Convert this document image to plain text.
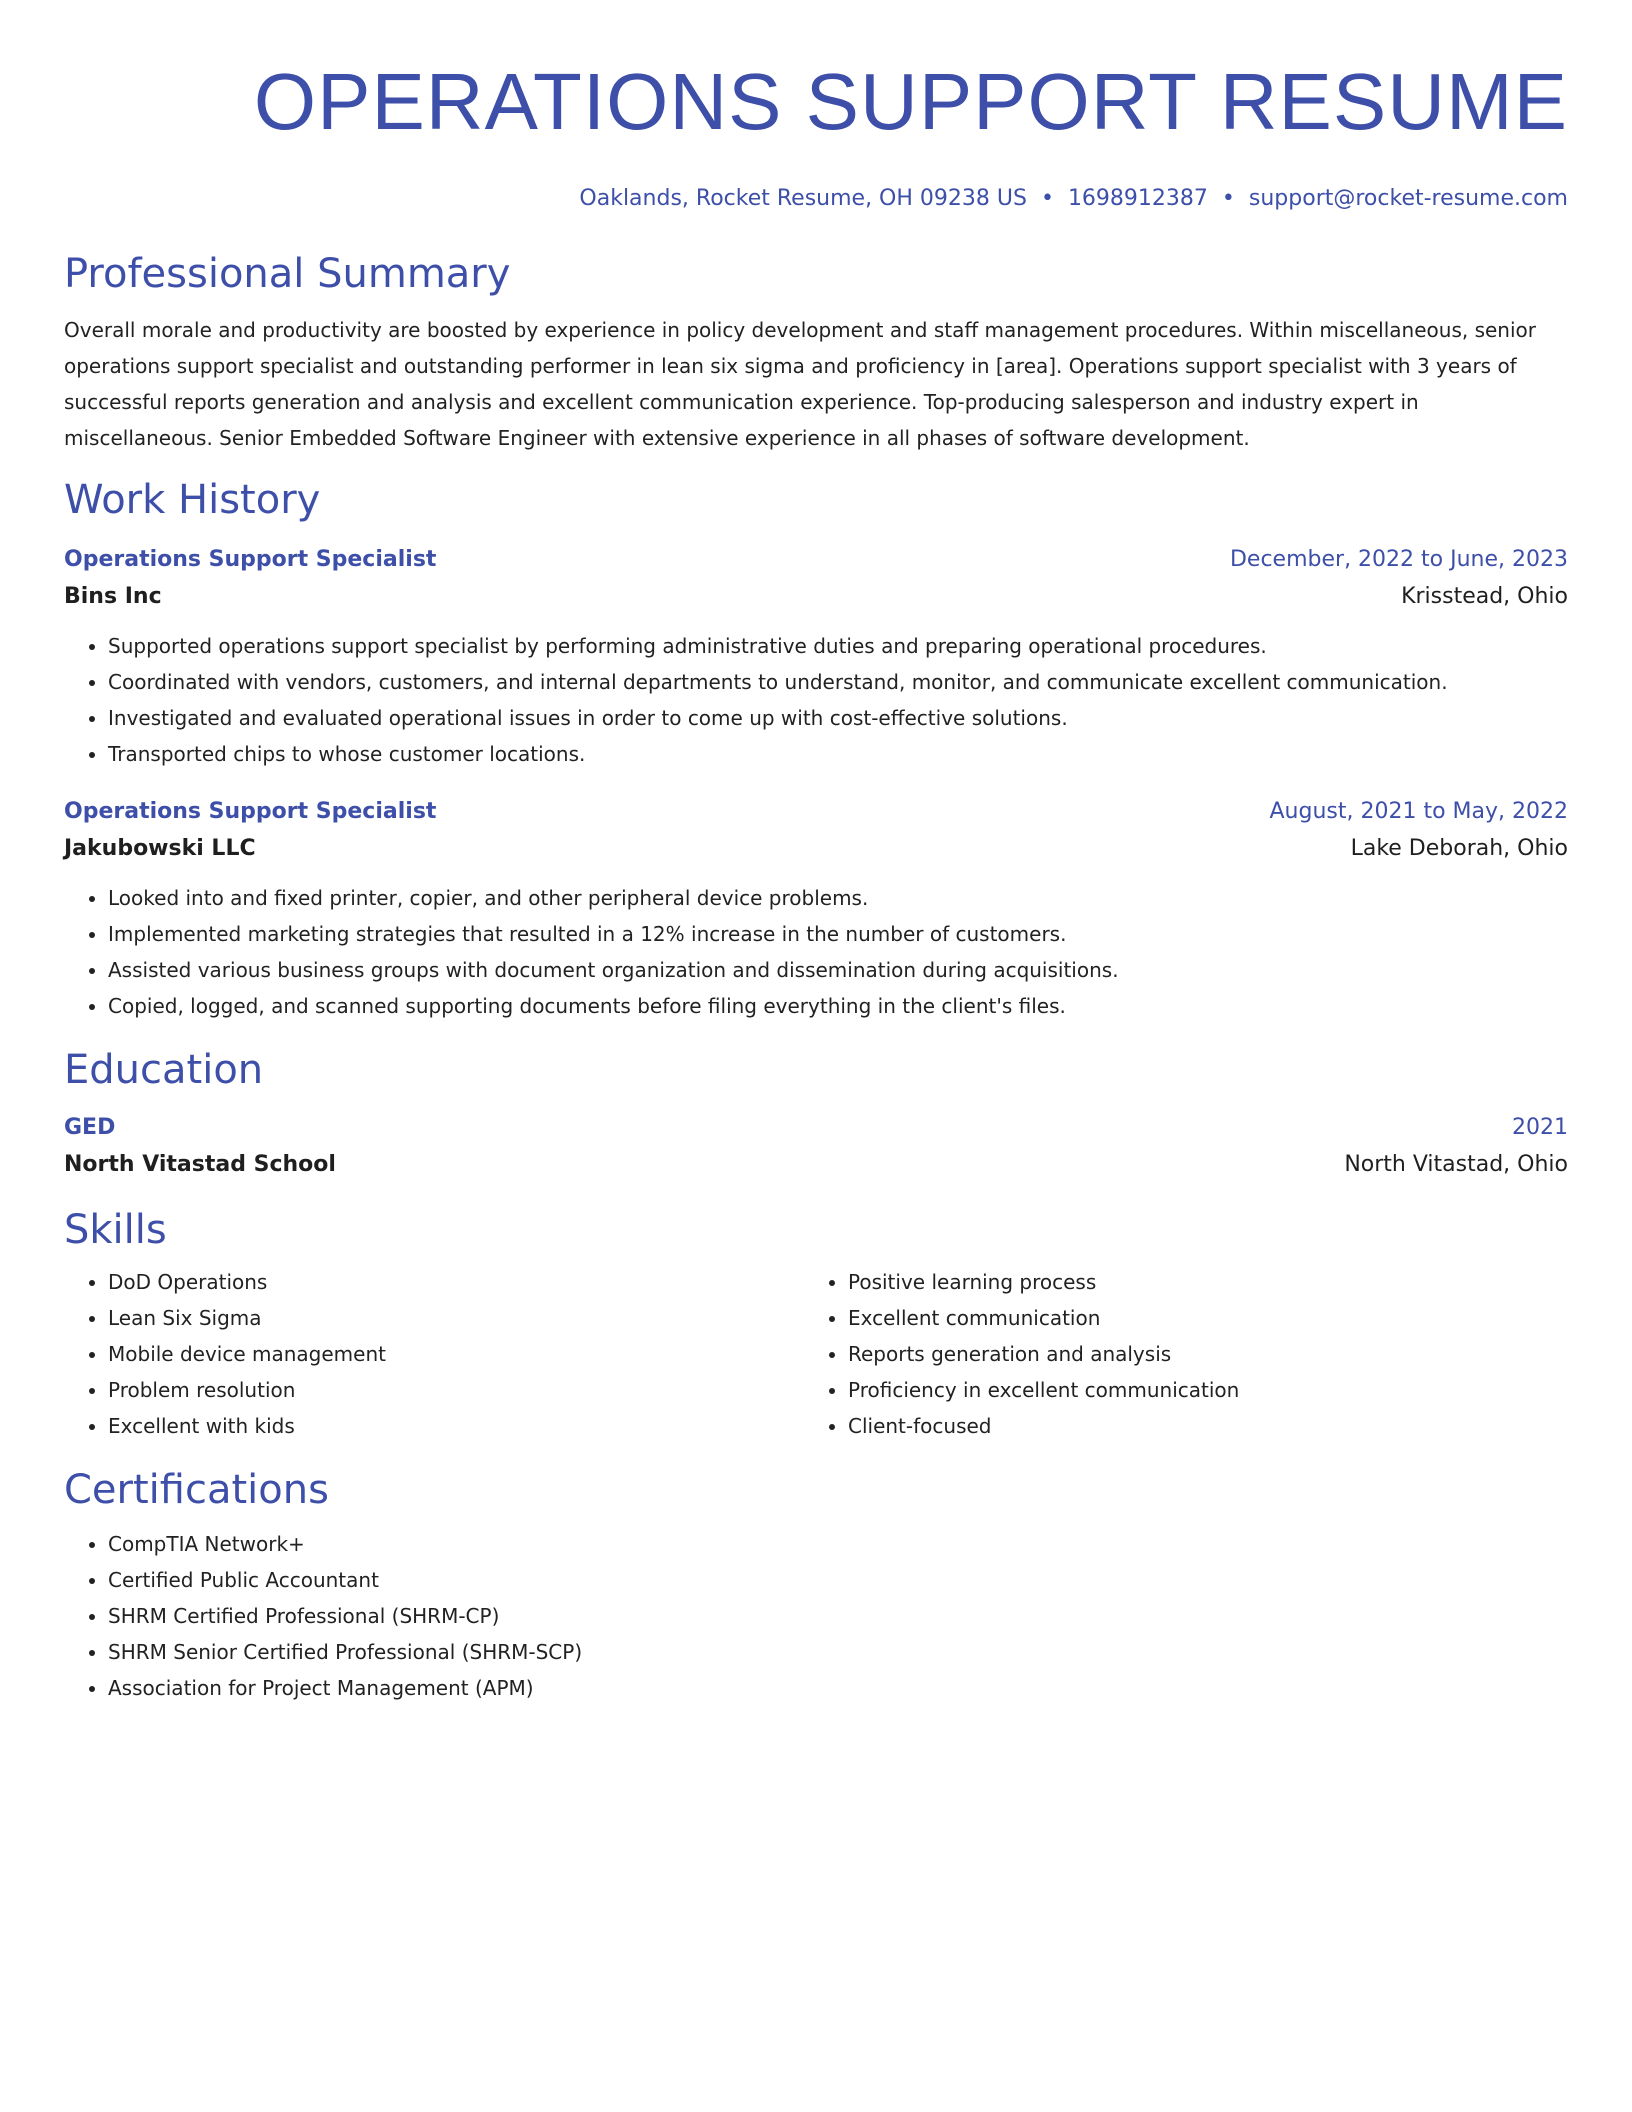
OPERATIONS SUPPORT RESUME
Oaklands, Rocket Resume, OH 09238 US • 1698912387 • support@rocket-resume.com
Professional Summary
Overall morale and productivity are boosted by experience in policy development and staff management procedures. Within miscellaneous, senior operations support specialist and outstanding performer in lean six sigma and proficiency in [area]. Operations support specialist with 3 years of successful reports generation and analysis and excellent communication experience. Top-producing salesperson and industry expert in miscellaneous. Senior Embedded Software Engineer with extensive experience in all phases of software development.
Work History
Operations Support Specialist	December, 2022 to June, 2023
Bins Inc	Krisstead, Ohio
• Supported operations support specialist by performing administrative duties and preparing operational procedures.
• Coordinated with vendors, customers, and internal departments to understand, monitor, and communicate excellent communication.
• Investigated and evaluated operational issues in order to come up with cost-effective solutions.
• Transported chips to whose customer locations.
Operations Support Specialist	August, 2021 to May, 2022
Jakubowski LLC	Lake Deborah, Ohio
• Looked into and fixed printer, copier, and other peripheral device problems.
• Implemented marketing strategies that resulted in a 12% increase in the number of customers.
• Assisted various business groups with document organization and dissemination during acquisitions.
• Copied, logged, and scanned supporting documents before filing everything in the client's files.
Education
GED	2021
North Vitastad School	North Vitastad, Ohio
Skills
• DoD Operations
• Lean Six Sigma
• Mobile device management
• Problem resolution
• Excellent with kids
• Positive learning process
• Excellent communication
• Reports generation and analysis
• Proficiency in excellent communication
• Client-focused
Certifications
• CompTIA Network+
• Certified Public Accountant
• SHRM Certified Professional (SHRM-CP)
• SHRM Senior Certified Professional (SHRM-SCP)
• Association for Project Management (APM)
